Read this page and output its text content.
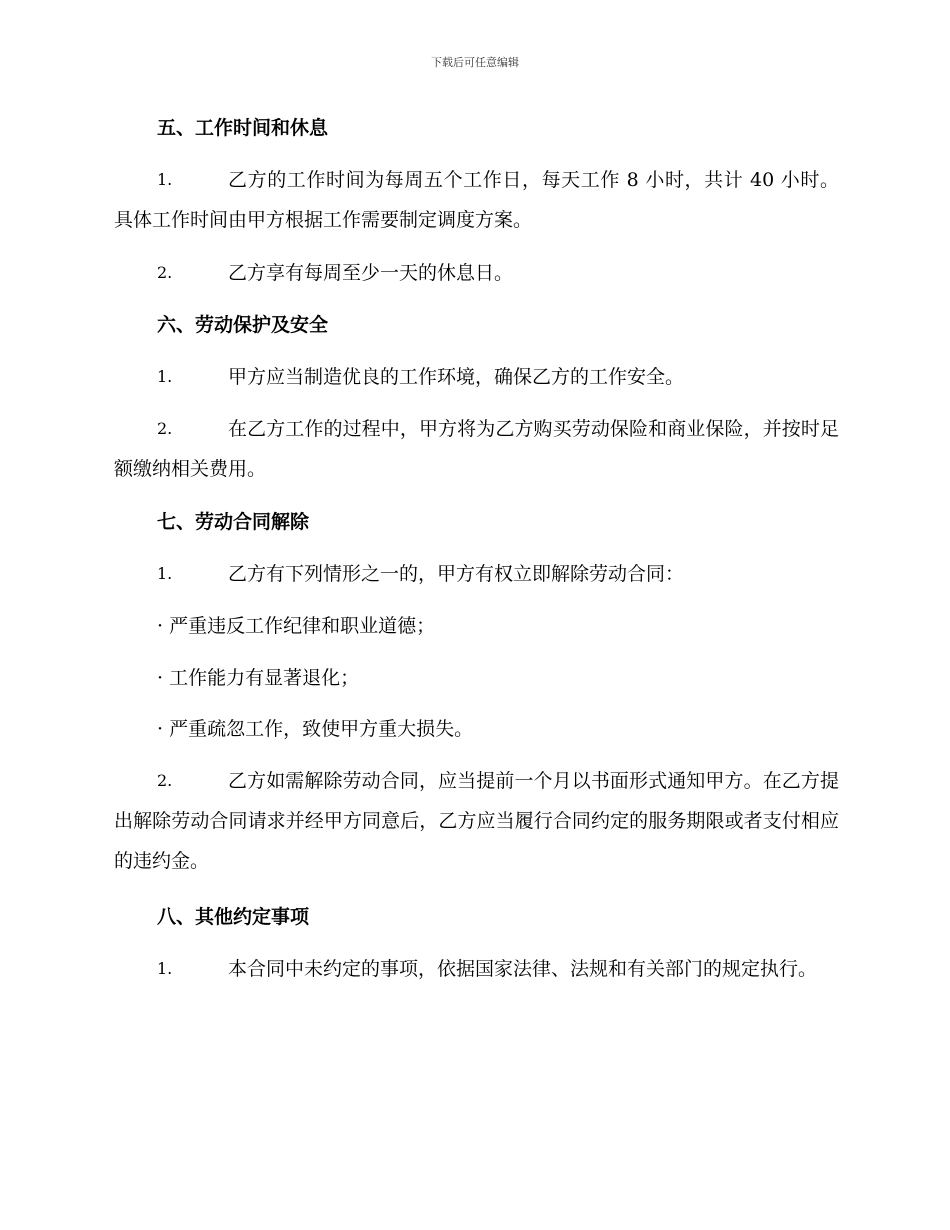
下载后可任意编辑
五、工作时间和休息
1.	乙方的工作时间为每周五个工作日，每天工作 8 小时，共计 40 小时。具体工作时间由甲方根据工作需要制定调度方案。
2.	乙方享有每周至少一天的休息日。
六、劳动保护及安全
1.	甲方应当制造优良的工作环境，确保乙方的工作安全。
2.	在乙方工作的过程中，甲方将为乙方购买劳动保险和商业保险，并按时足额缴纳相关费用。
七、劳动合同解除
1.	乙方有下列情形之一的，甲方有权立即解除劳动合同：
· 严重违反工作纪律和职业道德；
· 工作能力有显著退化；
· 严重疏忽工作，致使甲方重大损失。
2.	乙方如需解除劳动合同，应当提前一个月以书面形式通知甲方。在乙方提出解除劳动合同请求并经甲方同意后，乙方应当履行合同约定的服务期限或者支付相应的违约金。
八、其他约定事项
1.	本合同中未约定的事项，依据国家法律、法规和有关部门的规定执行。
